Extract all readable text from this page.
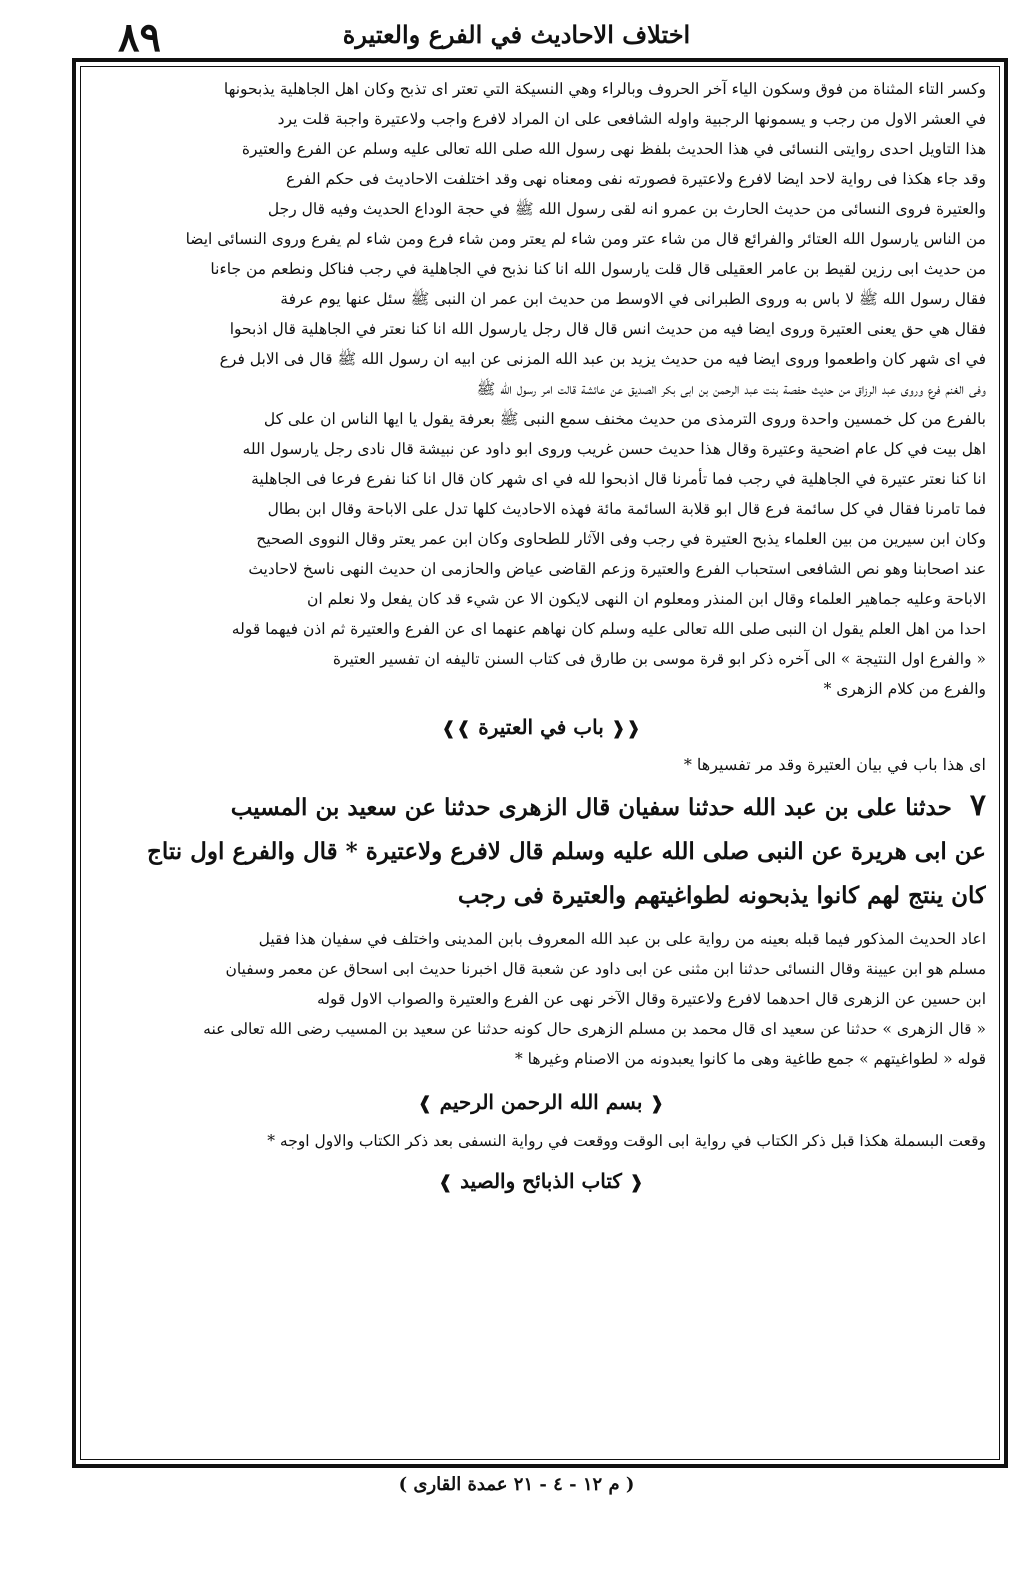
٨٩	اختلاف الاحاديث في الفرع والعتيرة
وكسر التاء المثناة من فوق وسكون الياء آخر الحروف وبالراء وهي النسيكة التي تعتر اى تذبح وكان اهل الجاهلية يذبحونها
في العشر الاول من رجب و يسمونها الرجبية واوله الشافعى على ان المراد لافرع واجب ولاعتيرة واجبة قلت يرد
هذا التاويل احدى روايتى النسائى في هذا الحديث بلفظ نهى رسول الله صلى الله تعالى عليه وسلم عن الفرع والعتيرة
وقد جاء هكذا فى رواية لاحد ايضا لافرع ولاعتيرة فصورته نفى ومعناه نهى وقد اختلفت الاحاديث فى حكم الفرع
والعتيرة فروى النسائى من حديث الحارث بن عمرو انه لقى رسول الله ﷺ في حجة الوداع الحديث وفيه قال رجل
من الناس يارسول الله العتائر والفرائع قال من شاء عتر ومن شاء لم يعتر ومن شاء فرع ومن شاء لم يفرع وروى النسائى ايضا
من حديث ابى رزين لقيط بن عامر العقيلى قال قلت يارسول الله انا كنا نذبح في الجاهلية في رجب فناكل ونطعم من جاءنا
فقال رسول الله ﷺ لا باس به وروى الطبرانى في الاوسط من حديث ابن عمر ان النبى ﷺ سئل عنها يوم عرفة
فقال هي حق يعنى العتيرة وروى ايضا فيه من حديث انس قال قال رجل يارسول الله انا كنا نعتر في الجاهلية قال اذبحوا
في اى شهر كان واطعموا وروى ايضا فيه من حديث يزيد بن عبد الله المزنى عن ابيه ان رسول الله ﷺ قال فى الابل فرع
وفى الغنم فرع وروى عبد الرزاق من حديث حفصة بنت عبد الرحمن بن ابى بكر الصديق عن عائشة قالت امر رسول الله ﷺ
بالفرع من كل خمسين واحدة وروى الترمذى من حديث مخنف سمع النبى ﷺ بعرفة يقول يا ايها الناس ان على كل
اهل بيت في كل عام اضحية وعتيرة وقال هذا حديث حسن غريب وروى ابو داود عن نبيشة قال نادى رجل يارسول الله
انا كنا نعتر عتيرة في الجاهلية في رجب فما تأمرنا قال اذبحوا لله في اى شهر كان قال انا كنا نفرع فرعا فى الجاهلية
فما تامرنا فقال في كل سائمة فرع قال ابو قلابة السائمة مائة فهذه الاحاديث كلها تدل على الاباحة وقال ابن بطال
وكان ابن سيرين من بين العلماء يذبح العتيرة في رجب وفى الآثار للطحاوى وكان ابن عمر يعتر وقال النووى الصحيح
عند اصحابنا وهو نص الشافعى استحباب الفرع والعتيرة وزعم القاضى عياض والحازمى ان حديث النهى ناسخ لاحاديث
الاباحة وعليه جماهير العلماء وقال ابن المنذر ومعلوم ان النهى لايكون الا عن شيء قد كان يفعل ولا نعلم ان
احدا من اهل العلم يقول ان النبى صلى الله تعالى عليه وسلم كان نهاهم عنهما اى عن الفرع والعتيرة ثم اذن فيهما قوله
« والفرع اول النتيجة » الى آخره ذكر ابو قرة موسى بن طارق فى كتاب السنن تاليفه ان تفسير العتيرة
والفرع من كلام الزهرى *
❰❰ باب في العتيرة ❱❱

اى هذا باب في بيان العتيرة وقد مر تفسيرها *

٧ حدثنا على بن عبد الله حدثنا سفيان قال الزهرى حدثنا عن سعيد بن المسيب
عن ابى هريرة عن النبى صلى الله عليه وسلم قال لافرع ولاعتيرة * قال والفرع اول نتاج
كان ينتج لهم كانوا يذبحونه لطواغيتهم والعتيرة فى رجب
اعاد الحديث المذكور فيما قبله بعينه من رواية على بن عبد الله المعروف بابن المدينى واختلف في سفيان هذا فقيل
مسلم هو ابن عيينة وقال النسائى حدثنا ابن مثنى عن ابى داود عن شعبة قال اخبرنا حديث ابى اسحاق عن معمر وسفيان
ابن حسين عن الزهرى قال احدهما لافرع ولاعتيرة وقال الآخر نهى عن الفرع والعتيرة والصواب الاول قوله
« قال الزهرى » حدثنا عن سعيد اى قال محمد بن مسلم الزهرى حال كونه حدثنا عن سعيد بن المسيب رضى الله تعالى عنه
قوله « لطواغيتهم » جمع طاغية وهى ما كانوا يعبدونه من الاصنام وغيرها *
❰ بسم الله الرحمن الرحيم ❱

وقعت البسملة هكذا قبل ذكر الكتاب في رواية ابى الوقت ووقعت في رواية النسفى بعد ذكر الكتاب والاول اوجه *

❰ كتاب الذبائح والصيد ❱
( م ١٢ - ٤ - ٢١ عمدة القارى )
